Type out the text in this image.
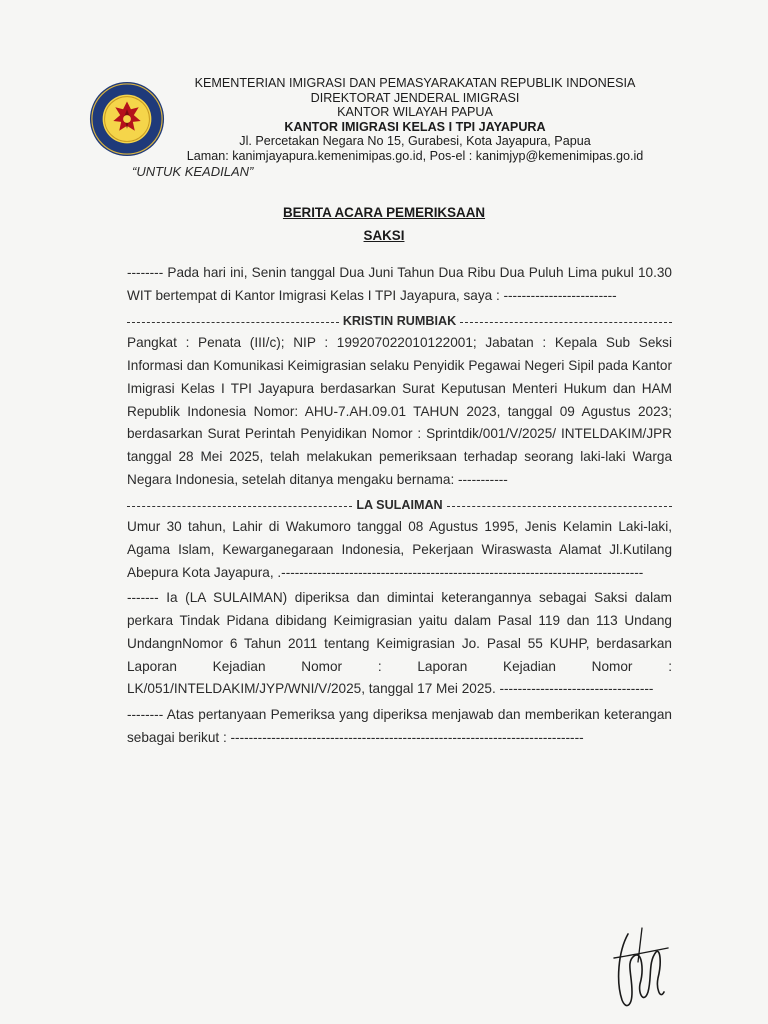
KEMENTERIAN IMIGRASI DAN PEMASYARAKATAN REPUBLIK INDONESIA
DIREKTORAT JENDERAL IMIGRASI
KANTOR WILAYAH PAPUA
KANTOR IMIGRASI KELAS I TPI JAYAPURA
Jl. Percetakan Negara No 15, Gurabesi, Kota Jayapura, Papua
Laman: kanimjayapura.kemenimipas.go.id, Pos-el : kanimjyp@kemenimipas.go.id
“UNTUK KEADILAN”
BERITA ACARA PEMERIKSAAN
SAKSI

-------- Pada hari ini, Senin tanggal Dua Juni Tahun Dua Ribu Dua Puluh Lima pukul 10.30 WIT bertempat di Kantor Imigrasi Kelas I TPI Jayapura, saya : -------------------------

KRISTIN RUMBIAK

Pangkat : Penata (III/c); NIP : 199207022010122001; Jabatan : Kepala Sub Seksi Informasi dan Komunikasi Keimigrasian selaku Penyidik Pegawai Negeri Sipil pada Kantor Imigrasi Kelas I TPI Jayapura berdasarkan Surat Keputusan Menteri Hukum dan HAM Republik Indonesia Nomor: AHU-7.AH.09.01 TAHUN 2023, tanggal 09 Agustus 2023; berdasarkan Surat Perintah Penyidikan Nomor : Sprintdik/001/V/2025/ INTELDAKIM/JPR tanggal 28 Mei 2025, telah melakukan pemeriksaan terhadap seorang laki-laki Warga Negara Indonesia, setelah ditanya mengaku bernama: -----------

LA SULAIMAN

Umur 30 tahun, Lahir di Wakumoro tanggal 08 Agustus 1995, Jenis Kelamin Laki-laki, Agama Islam, Kewarganegaraan Indonesia, Pekerjaan Wiraswasta Alamat Jl.Kutilang Abepura Kota Jayapura, .--------------------------------------------------------------------------------

------- Ia (LA SULAIMAN) diperiksa dan dimintai keterangannya sebagai Saksi dalam perkara Tindak Pidana dibidang Keimigrasian yaitu dalam Pasal 119 dan 113 Undang UndangnNomor 6 Tahun 2011 tentang Keimigrasian Jo. Pasal 55 KUHP, berdasarkan Laporan Kejadian Nomor : Laporan Kejadian Nomor : LK/051/INTELDAKIM/JYP/WNI/V/2025, tanggal 17 Mei 2025. ----------------------------------

-------- Atas pertanyaan Pemeriksa yang diperiksa menjawab dan memberikan keterangan sebagai berikut : ------------------------------------------------------------------------------
